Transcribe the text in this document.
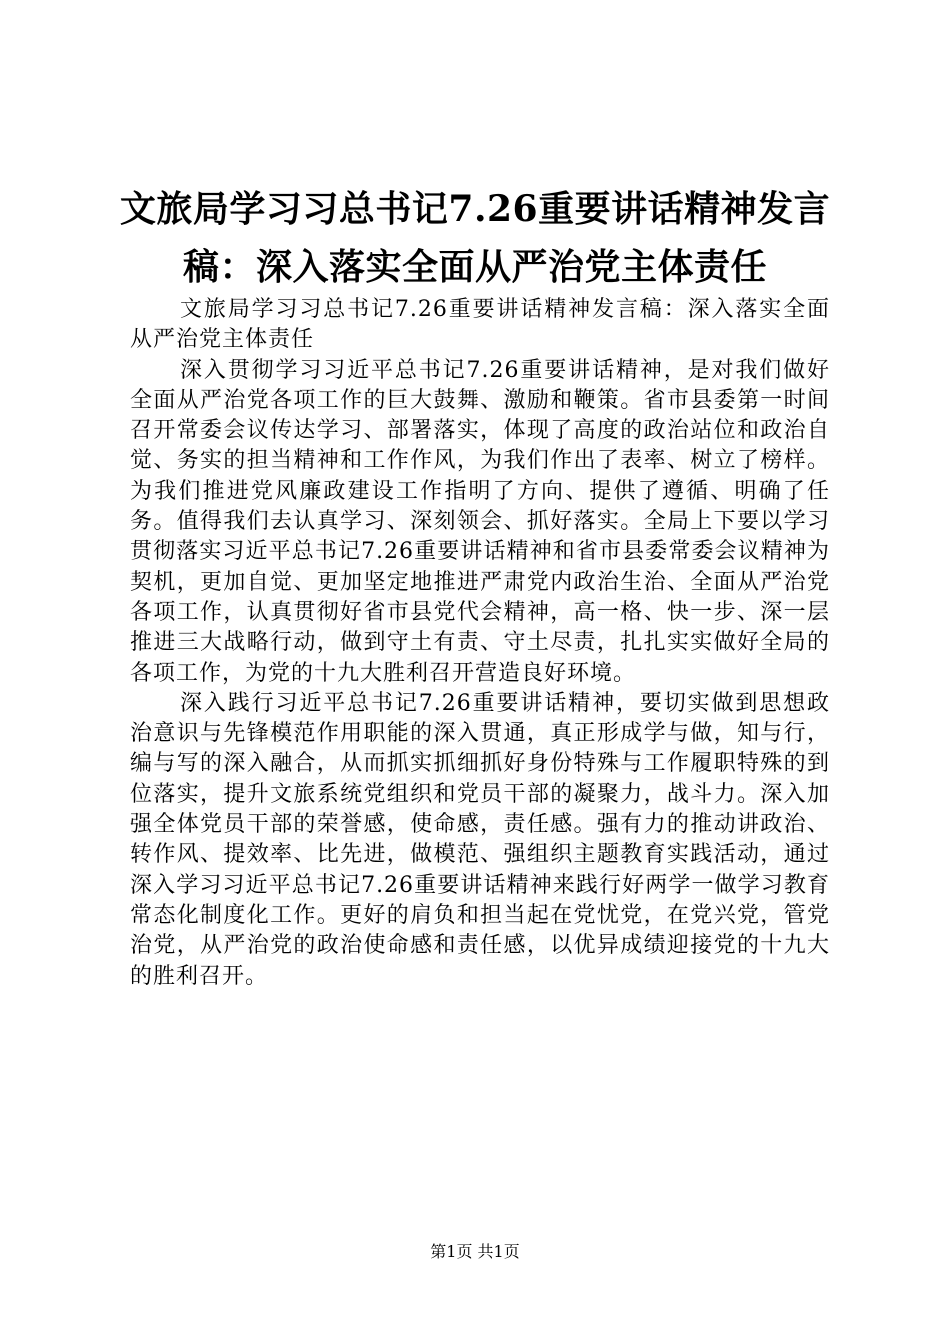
文旅局学习习总书记7.26重要讲话精神发言稿：深入落实全面从严治党主体责任

文旅局学习习总书记7.26重要讲话精神发言稿：深入落实全面从严治党主体责任

深入贯彻学习习近平总书记7.26重要讲话精神，是对我们做好全面从严治党各项工作的巨大鼓舞、激励和鞭策。省市县委第一时间召开常委会议传达学习、部署落实，体现了高度的政治站位和政治自觉、务实的担当精神和工作作风，为我们作出了表率、树立了榜样。为我们推进党风廉政建设工作指明了方向、提供了遵循、明确了任务。值得我们去认真学习、深刻领会、抓好落实。全局上下要以学习贯彻落实习近平总书记7.26重要讲话精神和省市县委常委会议精神为契机，更加自觉、更加坚定地推进严肃党内政治生治、全面从严治党各项工作，认真贯彻好省市县党代会精神，高一格、快一步、深一层推进三大战略行动，做到守土有责、守土尽责，扎扎实实做好全局的各项工作，为党的十九大胜利召开营造良好环境。

深入践行习近平总书记7.26重要讲话精神，要切实做到思想政治意识与先锋模范作用职能的深入贯通，真正形成学与做，知与行，编与写的深入融合，从而抓实抓细抓好身份特殊与工作履职特殊的到位落实，提升文旅系统党组织和党员干部的凝聚力，战斗力。深入加强全体党员干部的荣誉感，使命感，责任感。强有力的推动讲政治、转作风、提效率、比先进，做模范、强组织主题教育实践活动，通过深入学习习近平总书记7.26重要讲话精神来践行好两学一做学习教育常态化制度化工作。更好的肩负和担当起在党忧党，在党兴党，管党治党，从严治党的政治使命感和责任感，以优异成绩迎接党的十九大的胜利召开。

第1页 共1页
